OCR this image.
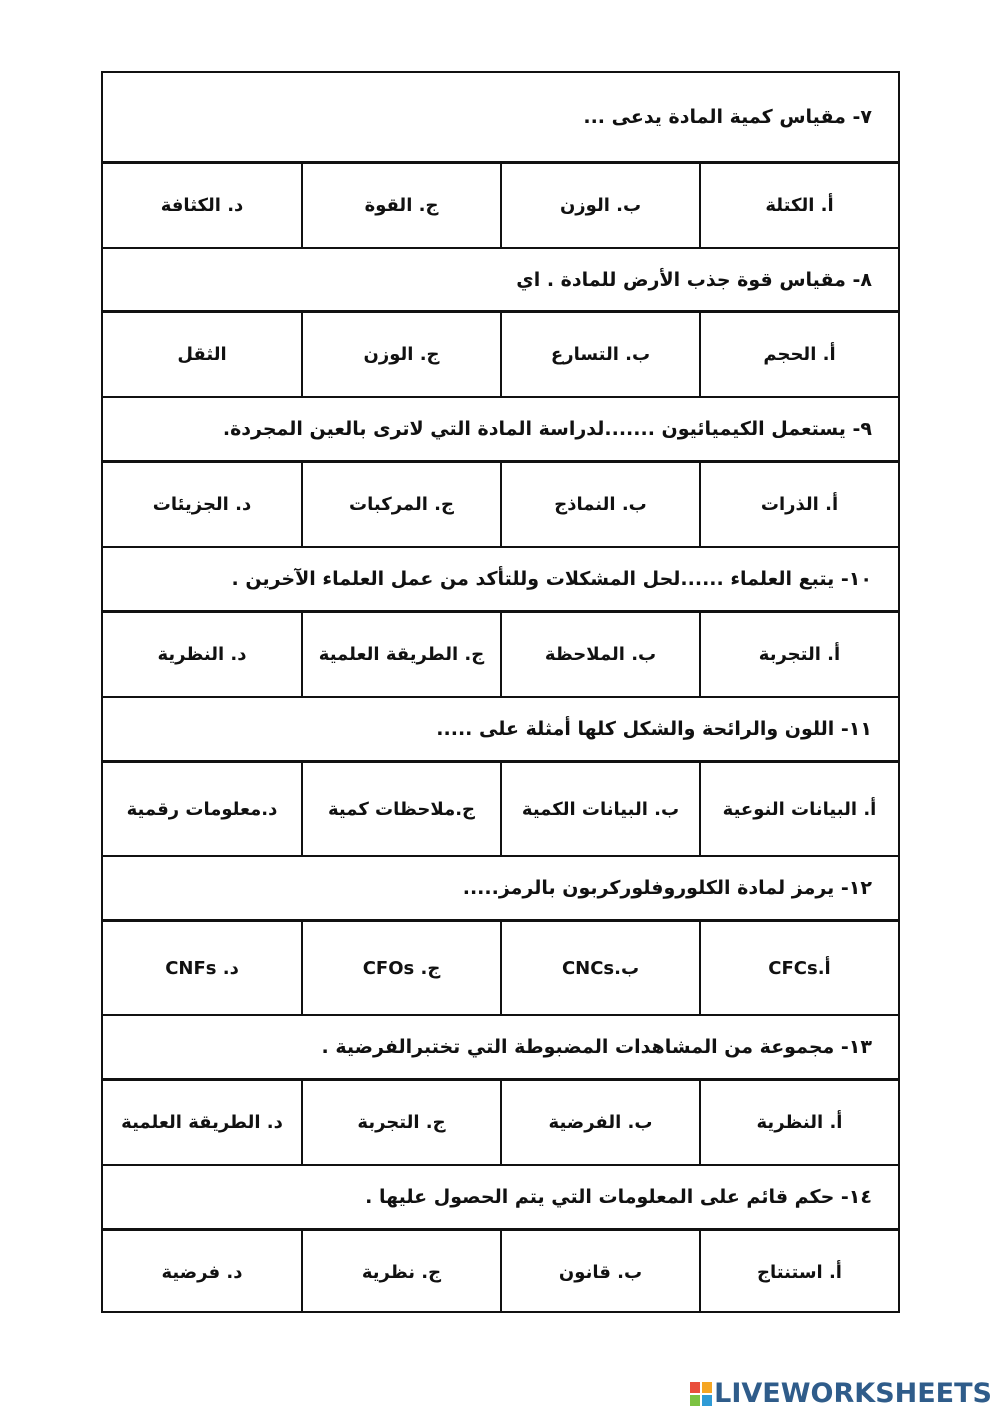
٧- مقياس كمية المادة يدعى ...
أ. الكتلة
ب. الوزن
ج. القوة
د. الكثافة
٨- مقياس قوة جذب الأرض للمادة . اي
أ. الحجم
ب. التسارع
ج. الوزن
الثقل
٩- يستعمل الكيميائيون .......لدراسة المادة التي لاترى بالعين المجردة.
أ. الذرات
ب. النماذج
ج. المركبات
د. الجزيئات
١٠- يتبع العلماء ......لحل المشكلات وللتأكد من عمل العلماء الآخرين .
أ. التجربة
ب. الملاحظة
ج. الطريقة العلمية
د. النظرية
١١- اللون والرائحة والشكل كلها أمثلة على .....
أ. البيانات النوعية
ب. البيانات الكمية
ج.ملاحظات كمية
د.معلومات رقمية
١٢- يرمز لمادة الكلوروفلوركربون بالرمز.....
أ.CFCs
ب.CNCs
ج. CFOs
د. CNFs
١٣- مجموعة من المشاهدات المضبوطة التي تختبرالفرضية .
أ. النظرية
ب. الفرضية
ج. التجربة
د. الطريقة العلمية
١٤- حكم قائم على المعلومات التي يتم الحصول عليها .
أ. استنتاج
ب. قانون
ج. نظرية
د. فرضية
LIVEWORKSHEETS
